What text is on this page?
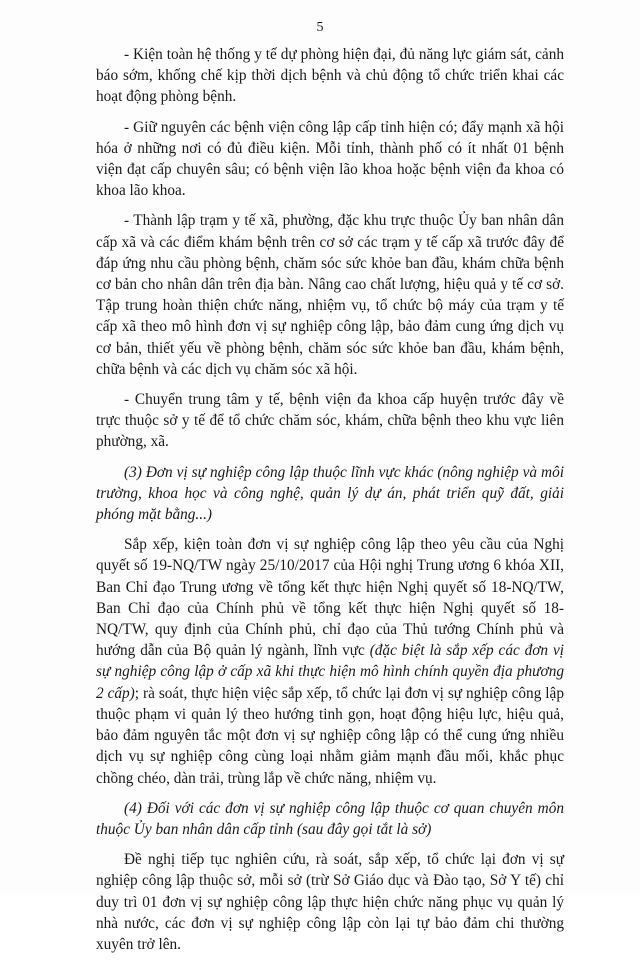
5

- Kiện toàn hệ thống y tế dự phòng hiện đại, đủ năng lực giám sát, cảnh báo sớm, khống chế kịp thời dịch bệnh và chủ động tổ chức triển khai các hoạt động phòng bệnh.

- Giữ nguyên các bệnh viện công lập cấp tỉnh hiện có; đẩy mạnh xã hội hóa ở những nơi có đủ điều kiện. Mỗi tỉnh, thành phố có ít nhất 01 bệnh viện đạt cấp chuyên sâu; có bệnh viện lão khoa hoặc bệnh viện đa khoa có khoa lão khoa.

- Thành lập trạm y tế xã, phường, đặc khu trực thuộc Ủy ban nhân dân cấp xã và các điểm khám bệnh trên cơ sở các trạm y tế cấp xã trước đây để đáp ứng nhu cầu phòng bệnh, chăm sóc sức khỏe ban đầu, khám chữa bệnh cơ bản cho nhân dân trên địa bàn. Nâng cao chất lượng, hiệu quả y tế cơ sở. Tập trung hoàn thiện chức năng, nhiệm vụ, tổ chức bộ máy của trạm y tế cấp xã theo mô hình đơn vị sự nghiệp công lập, bảo đảm cung ứng dịch vụ cơ bản, thiết yếu về phòng bệnh, chăm sóc sức khỏe ban đầu, khám bệnh, chữa bệnh và các dịch vụ chăm sóc xã hội.

- Chuyển trung tâm y tế, bệnh viện đa khoa cấp huyện trước đây về trực thuộc sở y tế để tổ chức chăm sóc, khám, chữa bệnh theo khu vực liên phường, xã.

(3) Đơn vị sự nghiệp công lập thuộc lĩnh vực khác (nông nghiệp và môi trường, khoa học và công nghệ, quản lý dự án, phát triển quỹ đất, giải phóng mặt bằng...)

Sắp xếp, kiện toàn đơn vị sự nghiệp công lập theo yêu cầu của Nghị quyết số 19-NQ/TW ngày 25/10/2017 của Hội nghị Trung ương 6 khóa XII, Ban Chỉ đạo Trung ương về tổng kết thực hiện Nghị quyết số 18-NQ/TW, Ban Chỉ đạo của Chính phủ về tổng kết thực hiện Nghị quyết số 18-NQ/TW, quy định của Chính phủ, chỉ đạo của Thủ tướng Chính phủ và hướng dẫn của Bộ quản lý ngành, lĩnh vực (đặc biệt là sắp xếp các đơn vị sự nghiệp công lập ở cấp xã khi thực hiện mô hình chính quyền địa phương 2 cấp); rà soát, thực hiện việc sắp xếp, tổ chức lại đơn vị sự nghiệp công lập thuộc phạm vi quản lý theo hướng tinh gọn, hoạt động hiệu lực, hiệu quả, bảo đảm nguyên tắc một đơn vị sự nghiệp công lập có thể cung ứng nhiều dịch vụ sự nghiệp công cùng loại nhằm giảm mạnh đầu mối, khắc phục chồng chéo, dàn trải, trùng lắp về chức năng, nhiệm vụ.

(4) Đối với các đơn vị sự nghiệp công lập thuộc cơ quan chuyên môn thuộc Ủy ban nhân dân cấp tỉnh (sau đây gọi tắt là sở)

Đề nghị tiếp tục nghiên cứu, rà soát, sắp xếp, tổ chức lại đơn vị sự nghiệp công lập thuộc sở, mỗi sở (trừ Sở Giáo dục và Đào tạo, Sở Y tế) chỉ duy trì 01 đơn vị sự nghiệp công lập thực hiện chức năng phục vụ quản lý nhà nước, các đơn vị sự nghiệp công lập còn lại tự bảo đảm chi thường xuyên trở lên.
